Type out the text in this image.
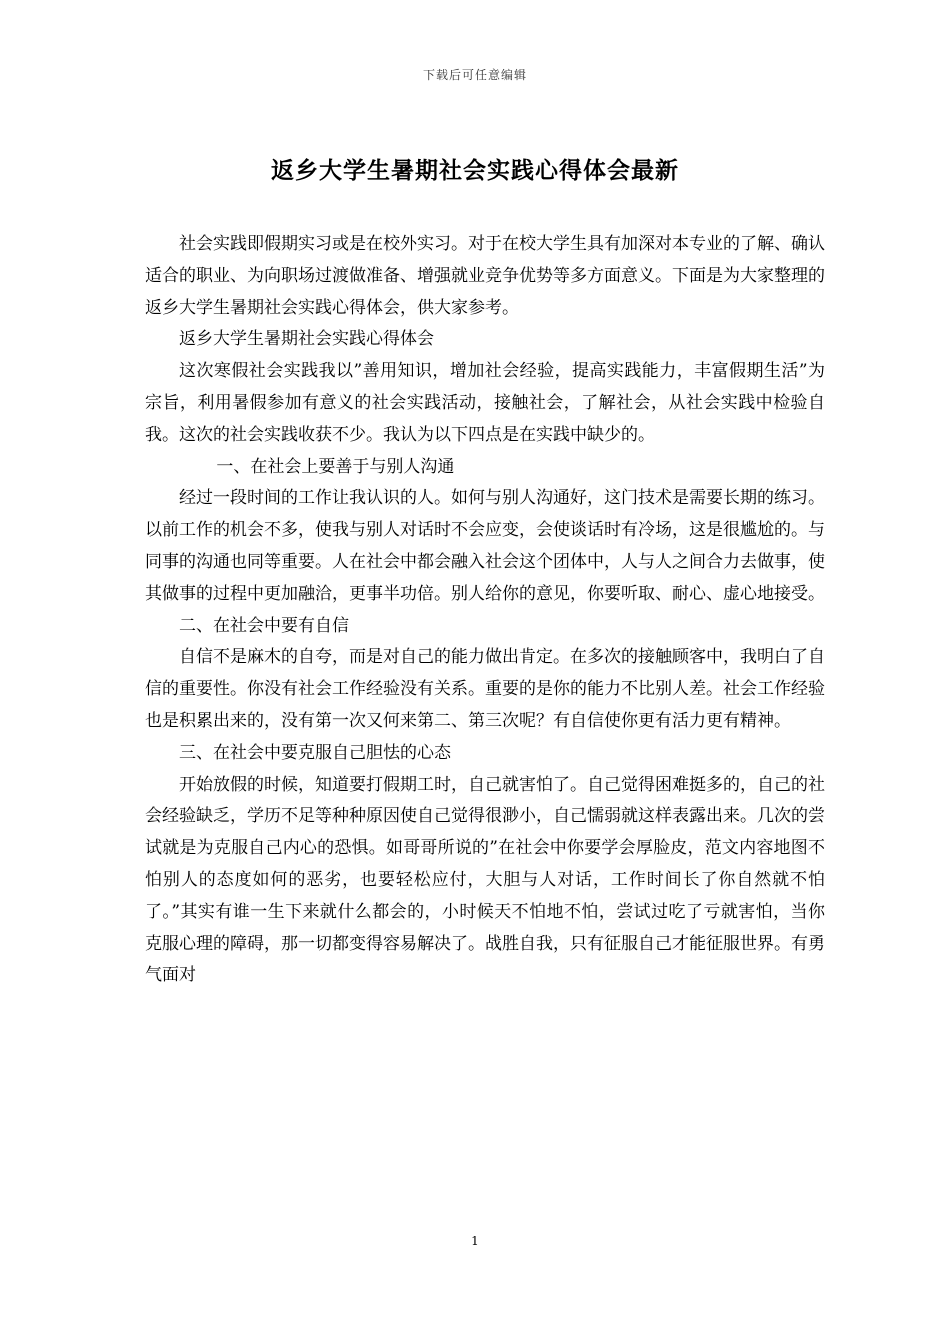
下载后可任意编辑
返乡大学生暑期社会实践心得体会最新

社会实践即假期实习或是在校外实习。对于在校大学生具有加深对本专业的了解、确认适合的职业、为向职场过渡做准备、增强就业竞争优势等多方面意义。下面是为大家整理的返乡大学生暑期社会实践心得体会，供大家参考。

返乡大学生暑期社会实践心得体会

这次寒假社会实践我以”善用知识，增加社会经验，提高实践能力，丰富假期生活”为宗旨，利用暑假参加有意义的社会实践活动，接触社会，了解社会，从社会实践中检验自我。这次的社会实践收获不少。我认为以下四点是在实践中缺少的。

一、在社会上要善于与别人沟通

经过一段时间的工作让我认识的人。如何与别人沟通好，这门技术是需要长期的练习。以前工作的机会不多，使我与别人对话时不会应变，会使谈话时有冷场，这是很尴尬的。与同事的沟通也同等重要。人在社会中都会融入社会这个团体中，人与人之间合力去做事，使其做事的过程中更加融洽，更事半功倍。别人给你的意见，你要听取、耐心、虚心地接受。

二、在社会中要有自信

自信不是麻木的自夸，而是对自己的能力做出肯定。在多次的接触顾客中，我明白了自信的重要性。你没有社会工作经验没有关系。重要的是你的能力不比别人差。社会工作经验也是积累出来的，没有第一次又何来第二、第三次呢？有自信使你更有活力更有精神。

三、在社会中要克服自己胆怯的心态

开始放假的时候，知道要打假期工时，自己就害怕了。自己觉得困难挺多的，自己的社会经验缺乏，学历不足等种种原因使自己觉得很渺小，自己懦弱就这样表露出来。几次的尝试就是为克服自己内心的恐惧。如哥哥所说的”在社会中你要学会厚脸皮，范文内容地图不怕别人的态度如何的恶劣，也要轻松应付，大胆与人对话，工作时间长了你自然就不怕了。”其实有谁一生下来就什么都会的，小时候天不怕地不怕，尝试过吃了亏就害怕，当你克服心理的障碍，那一切都变得容易解决了。战胜自我，只有征服自己才能征服世界。有勇气面对

1
